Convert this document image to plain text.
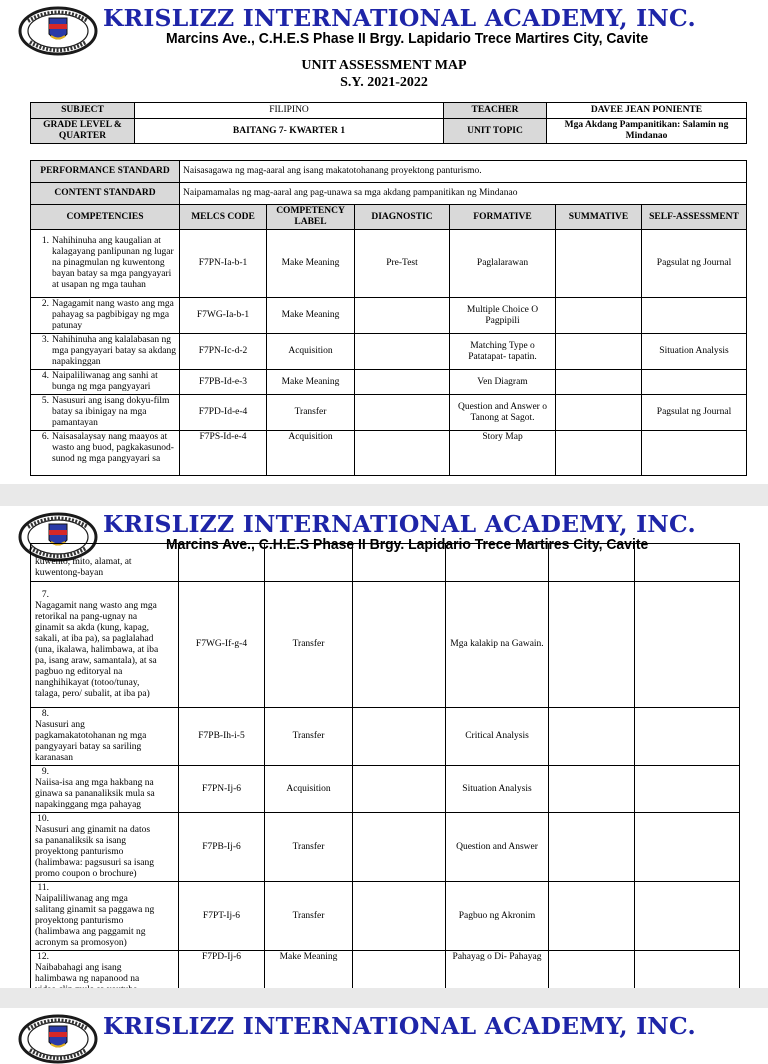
KRISLIZZ INTERNATIONAL ACADEMY, INC.
Marcins Ave., C.H.E.S Phase II Brgy. Lapidario Trece Martires City, Cavite
UNIT ASSESSMENT MAP
S.Y. 2021-2022
SUBJECT	FILIPINO	TEACHER	DAVEE JEAN PONIENTE
GRADE LEVEL & QUARTER	BAITANG 7- KWARTER 1	UNIT TOPIC	Mga Akdang Pampanitikan: Salamin ng Mindanao
PERFORMANCE STANDARD	Naisasagawa ng mag-aaral ang isang makatotohanang proyektong panturismo.					
CONTENT STANDARD	Naipamamalas ng mag-aaral ang pag-unawa sa mga akdang pampanitikan ng Mindanao					
COMPETENCIES	MELCS CODE	COMPETENCY LABEL	DIAGNOSTIC	FORMATIVE	SUMMATIVE	SELF-ASSESSMENT
1. Nahihinuha ang kaugalian at kalagayang panlipunan ng lugar na pinagmulan ng kuwentong bayan batay sa mga pangyayari at usapan ng mga tauhan	F7PN-Ia-b-1	Make Meaning	Pre-Test	Paglalarawan		Pagsulat ng Journal
2. Nagagamit nang wasto ang mga pahayag sa pagbibigay ng mga patunay	F7WG-Ia-b-1	Make Meaning		Multiple Choice O Pagpipili		
3. Nahihinuha ang kalalabasan ng mga pangyayari batay sa akdang napakinggan	F7PN-Ic-d-2	Acquisition		Matching Type o Patatapat- tapatin.		Situation Analysis
4. Naipaliliwanag ang sanhi at bunga ng mga pangyayari	F7PB-Id-e-3	Make Meaning		Ven Diagram		
5. Nasusuri ang isang dokyu-film batay sa ibinigay na mga pamantayan	F7PD-Id-e-4	Transfer		Question and Answer o Tanong at Sagot.		Pagsulat ng Journal
6. Naisasalaysay nang maayos at wasto ang buod, pagkakasunod-sunod ng mga pangyayari sa	F7PS-Id-e-4	Acquisition		Story Map		
KRISLIZZ INTERNATIONAL ACADEMY, INC.
Marcins Ave., C.H.E.S Phase II Brgy. Lapidario Trece Martires City, Cavite
kuwento, mito, alamat, at kuwentong-bayan						
7.Nagagamit nang wasto ang mga retorikal na pang-ugnay na ginamit sa akda (kung, kapag, sakali, at iba pa), sa paglalahad (una, ikalawa, halimbawa, at iba pa, isang araw, samantala), at sa pagbuo ng editoryal na nanghihikayat (totoo/tunay, talaga, pero/ subalit, at iba pa)	F7WG-If-g-4	Transfer		Mga kalakip na Gawain.		
8.Nasusuri ang pagkamakatotohanan ng mga pangyayari batay sa sariling karanasan	F7PB-Ih-i-5	Transfer		Critical Analysis		
9.Naiisa-isa ang mga hakbang na ginawa sa pananaliksik mula sa napakinggang mga pahayag	F7PN-Ij-6	Acquisition		Situation Analysis		
10.Nasusuri ang ginamit na datos sa pananaliksik sa isang proyektong panturismo (halimbawa: pagsusuri sa isang promo coupon o brochure)	F7PB-Ij-6	Transfer		Question and Answer		
11.Naipaliliwanag ang mga salitang ginamit sa paggawa ng proyektong panturismo (halimbawa ang paggamit ng acronym sa promosyon)	F7PT-Ij-6	Transfer		Pagbuo ng Akronim		
12.Naibabahagi ang isang halimbawa ng napanood na	F7PD-Ij-6	Make Meaning		Pahayag o Di- Pahayag		
KRISLIZZ INTERNATIONAL ACADEMY, INC.
